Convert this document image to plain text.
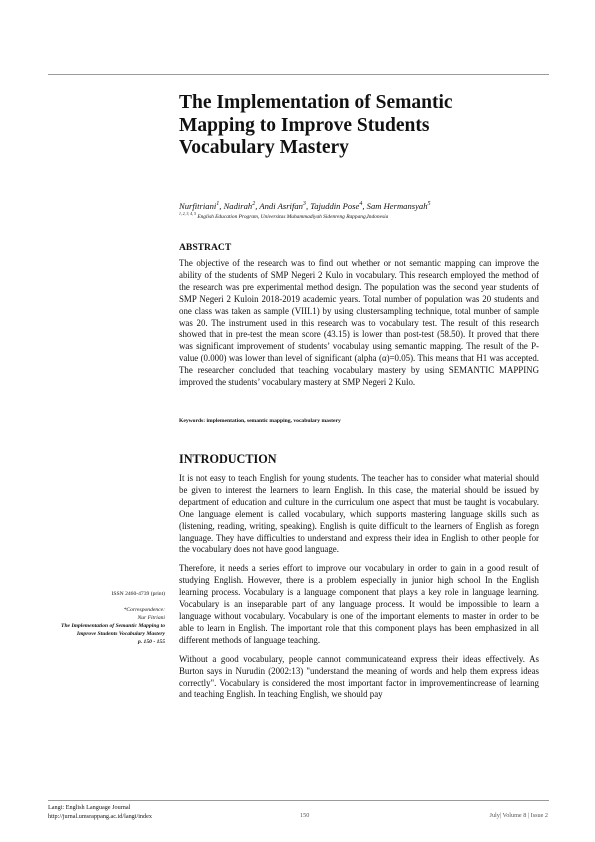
The Implementation of Semantic Mapping to Improve Students Vocabulary Mastery
Nurfitriani$^1$, Nadirah$^2$, Andi Asrifan$^3$, Tajuddin Pose$^4$, Sam Hermansyah$^5$
$^{1, 2, 3, 4, 5}$ English Education Program, Universitas Muhammadiyah Sidenreng Rappang,Indonesia
ABSTRACT

The objective of the research was to find out whether or not semantic mapping can improve the ability of the students of SMP Negeri 2 Kulo in vocabulary. This research employed the method of the research was pre experimental method design. The population was the second year students of SMP Negeri 2 Kuloin 2018-2019 academic years. Total number of population was 20 students and one class was taken as sample (VIII.1) by using clustersampling technique, total munber of sample was 20. The instrument used in this research was to vocabulary test. The result of this research showed that in pre-test the mean score (43.15) is lower than post-test (58.50). It proved that there was significant improvement of students’ vocabulay using semantic mapping. The result of the P-value (0.000) was lower than level of significant (alpha (α)=0.05). This means that H1 was accepted. The researcher concluded that teaching vocabulary mastery by using SEMANTIC MAPPING improved the students’ vocabulary mastery at SMP Negeri 2 Kulo.

Keywords: implementation, semantic mapping, vocabulary mastery

INTRODUCTION

It is not easy to teach English for young students. The teacher has to consider what material should be given to interest the learners to learn English. In this case, the material should be issued by department of education and culture in the curriculum one aspect that must be taught is vocabulary. One language element is called vocabulary, which supports mastering language skills such as (listening, reading, writing, speaking). English is quite difficult to the learners of English as foregn language. They have difficulties to understand and express their idea in English to other people for the vocabulary does not have good language.

Therefore, it needs a series effort to improve our vocabulary in order to gain in a good result of studying English. However, there is a problem especially in junior high school In the English learning process. Vocabulary is a language component that plays a key role in language learning. Vocabulary is an inseparable part of any language process. It would be impossible to learn a language without vocabulary. Vocabulary is one of the important elements to master in order to be able to learn in English. The important role that this component plays has been emphasized in all different methods of language teaching.

Without a good vocabulary, people cannot communicateand express their ideas effectively. As Burton says in Nurudin (2002:13) "understand the meaning of words and help them express ideas correctly". Vocabulary is considered the most important factor in improvementincrease of learning and teaching English. In teaching English, we should pay

ISSN 2460-4739 (print)
*Correspondence:
Nur Fitriani
The Implementation of Semantic Mapping to Improve Students Vocabulary Mastery
p. 150 - 155
Langi: English Language Journal
http://jurnal.umsrappang.ac.id/langi/index	150	July| Volume 8 | Issue 2
